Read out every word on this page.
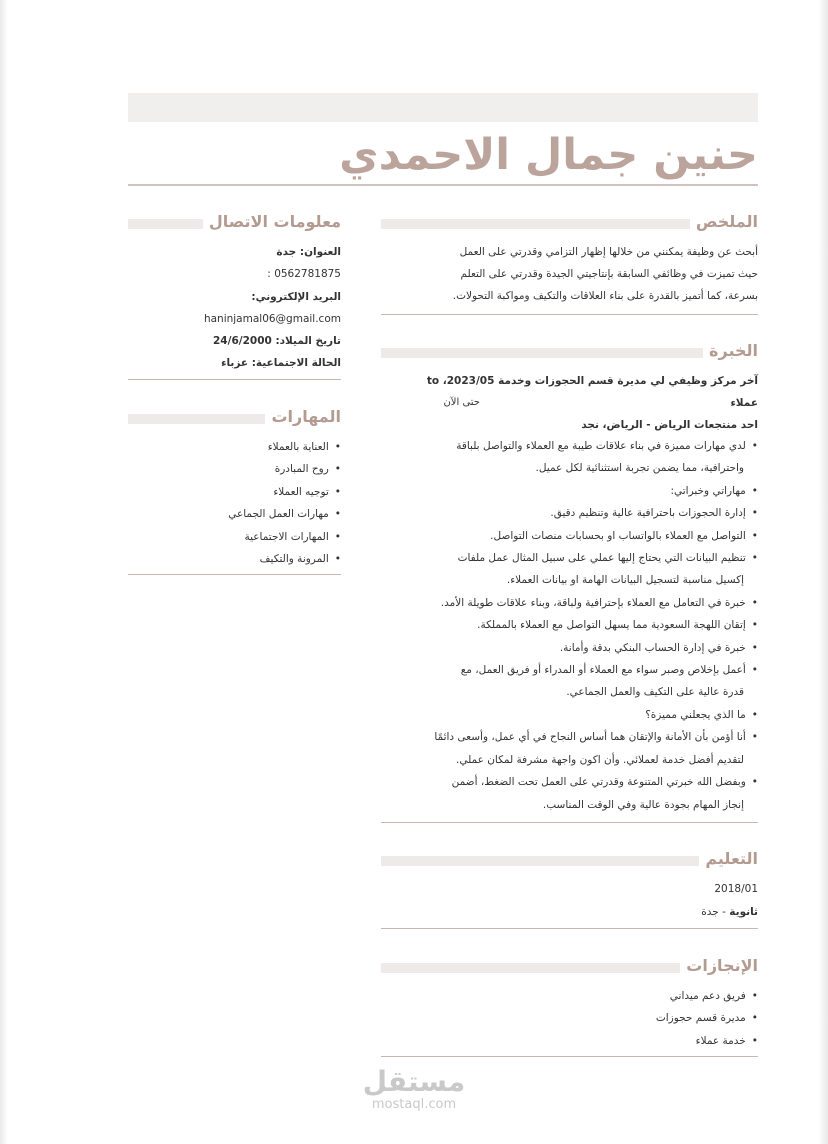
حنين جمال الاحمدي
الملخص
أبحث عن وظيفة يمكنني من خلالها إظهار التزامي وقدرتي على العمل
حيث تميزت في وظائفي السابقة بإنتاجيتي الجيدة وقدرتي على التعلم
بسرعة، كما أتميز بالقدرة على بناء العلاقات والتكيف ومواكبة التحولات.
الخبرة
آخر مركز وظيفي لي مديرة قسم الحجوزات وخدمة 2023/05، to
عملاء
حتى الآن
احد منتجعات الرياض - الرياض، نجد
• لدي مهارات مميزة في بناء علاقات طيبة مع العملاء والتواصل بلباقة
واحترافية، مما يضمن تجربة استثنائية لكل عميل.
• مهاراتي وخبراتي:
• إدارة الحجوزات باحترافية عالية وتنظيم دقيق.
• التواصل مع العملاء بالواتساب او بحسابات منصات التواصل.
• تنظيم البيانات التي يحتاج إليها عملي على سبيل المثال عمل ملفات
إكسيل مناسبة لتسجيل البيانات الهامة او بيانات العملاء.
• خبرة في التعامل مع العملاء بإحترافية ولباقة، وبناء علاقات طويلة الأمد.
• إتقان اللهجة السعودية مما يسهل التواصل مع العملاء بالمملكة.
• خبرة في إدارة الحساب البنكي بدقة وأمانة.
• أعمل بإخلاص وصبر سواء مع العملاء أو المدراء أو فريق العمل، مع
قدرة عالية على التكيف والعمل الجماعي.
• ما الذي يجعلني مميزة؟
• أنا أؤمن بأن الأمانة والإتقان هما أساس النجاح في أي عمل، وأسعى دائمًا
لتقديم أفضل خدمة لعملائي. وأن اكون واجهة مشرفة لمكان عملي.
• وبفضل الله خبرتي المتنوعة وقدرتي على العمل تحت الضغط، أضمن
إنجاز المهام بجودة عالية وفي الوقت المناسب.
التعليم
2018/01
ثانوية - جدة
الإنجازات
• فريق دعم ميداني
• مديرة قسم حجوزات
• خدمة عملاء
معلومات الاتصال
العنوان: جدة
0562781875 :
البريد الإلكتروني:
haninjamal06@gmail.com
تاريخ الميلاد: 24/6/2000
الحالة الاجتماعية: عزباء
المهارات
• العناية بالعملاء
• روح المبادرة
• توجيه العملاء
• مهارات العمل الجماعي
• المهارات الاجتماعية
• المرونة والتكيف
مستقل
mostaql.com
